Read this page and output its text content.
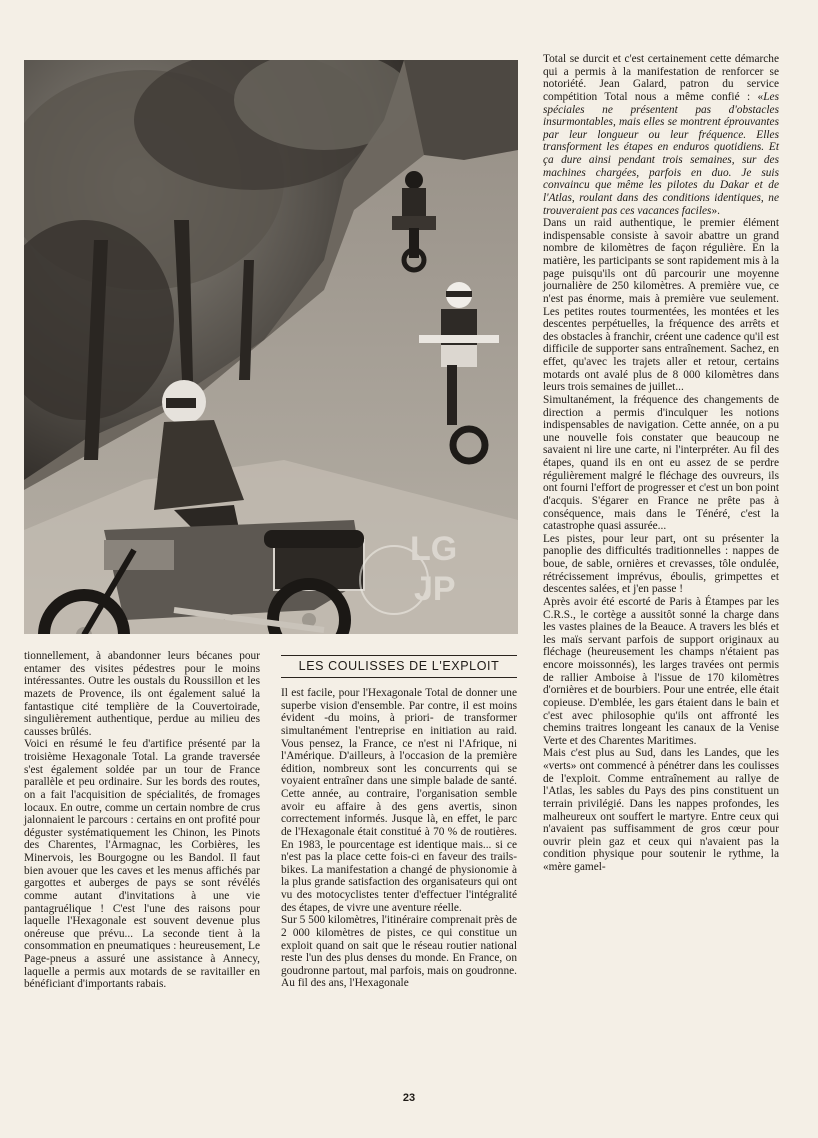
LG
JP

tionnellement, à abandonner leurs bécanes pour entamer des visites pédestres pour le moins intéressantes. Outre les oustals du Roussillon et les mazets de Provence, ils ont également salué la fantastique cité templière de la Couvertoirade, singulièrement authentique, perdue au milieu des causses brûlés.

Voici en résumé le feu d'artifice présenté par la troisième Hexagonale Total. La grande traversée s'est également soldée par un tour de France parallèle et peu ordinaire. Sur les bords des routes, on a fait l'acquisition de spécialités, de fromages locaux. En outre, comme un certain nombre de crus jalonnaient le parcours : certains en ont profité pour déguster systématiquement les Chinon, les Pinots des Charentes, l'Armagnac, les Corbières, les Minervois, les Bourgogne ou les Bandol. Il faut bien avouer que les caves et les menus affichés par gargottes et auberges de pays se sont révélés comme autant d'invitations à une vie pantagruélique ! C'est l'une des raisons pour laquelle l'Hexagonale est souvent devenue plus onéreuse que prévu... La seconde tient à la consommation en pneumatiques : heureusement, Le Page-pneus a assuré une assistance à Annecy, laquelle a permis aux motards de se ravitailler en bénéficiant d'importants rabais.

LES COULISSES DE L'EXPLOIT

Il est facile, pour l'Hexagonale Total de donner une superbe vision d'ensemble. Par contre, il est moins évident -du moins, à priori- de transformer simultanément l'entreprise en initiation au raid. Vous pensez, la France, ce n'est ni l'Afrique, ni l'Amérique. D'ailleurs, à l'occasion de la première édition, nombreux sont les concurrents qui se voyaient entraîner dans une simple balade de santé. Cette année, au contraire, l'organisation semble avoir eu affaire à des gens avertis, sinon correctement informés. Jusque là, en effet, le parc de l'Hexagonale était constitué à 70 % de routières. En 1983, le pourcentage est identique mais... si ce n'est pas la place cette fois-ci en faveur des trails-bikes. La manifestation a changé de physionomie à la plus grande satisfaction des organisateurs qui ont vu des motocyclistes tenter d'effectuer l'intégralité des étapes, de vivre une aventure réelle.

Sur 5 500 kilomètres, l'itinéraire comprenait près de 2 000 kilomètres de pistes, ce qui constitue un exploit quand on sait que le réseau routier national reste l'un des plus denses du monde. En France, on goudronne partout, mal parfois, mais on goudronne. Au fil des ans, l'Hexagonale

Total se durcit et c'est certainement cette démarche qui a permis à la manifestation de renforcer se notoriété. Jean Galard, patron du service compétition Total nous a même confié : «Les spéciales ne présentent pas d'obstacles insurmontables, mais elles se montrent éprouvantes par leur longueur ou leur fréquence. Elles transforment les étapes en enduros quotidiens. Et ça dure ainsi pendant trois semaines, sur des machines chargées, parfois en duo. Je suis convaincu que même les pilotes du Dakar et de l'Atlas, roulant dans des conditions identiques, ne trouveraient pas ces vacances faciles».

Dans un raid authentique, le premier élément indispensable consiste à savoir abattre un grand nombre de kilomètres de façon régulière. En la matière, les participants se sont rapidement mis à la page puisqu'ils ont dû parcourir une moyenne journalière de 250 kilomètres. A première vue, ce n'est pas énorme, mais à première vue seulement. Les petites routes tourmentées, les montées et les descentes perpétuelles, la fréquence des arrêts et des obstacles à franchir, créent une cadence qu'il est difficile de supporter sans entraînement. Sachez, en effet, qu'avec les trajets aller et retour, certains motards ont avalé plus de 8 000 kilomètres dans leurs trois semaines de juillet...

Simultanément, la fréquence des changements de direction a permis d'inculquer les notions indispensables de navigation. Cette année, on a pu une nouvelle fois constater que beaucoup ne savaient ni lire une carte, ni l'interpréter. Au fil des étapes, quand ils en ont eu assez de se perdre régulièrement malgré le fléchage des ouvreurs, ils ont fourni l'effort de progresser et c'est un bon point d'acquis. S'égarer en France ne prête pas à conséquence, mais dans le Ténéré, c'est la catastrophe quasi assurée...

Les pistes, pour leur part, ont su présenter la panoplie des difficultés traditionnelles : nappes de boue, de sable, ornières et crevasses, tôle ondulée, rétrécissement imprévus, éboulis, grimpettes et descentes salées, et j'en passe !

Après avoir été escorté de Paris à Étampes par les C.R.S., le cortège a aussitôt sonné la charge dans les vastes plaines de la Beauce. A travers les blés et les maïs servant parfois de support originaux au fléchage (heureusement les champs n'étaient pas encore moissonnés), les larges travées ont permis de rallier Amboise à l'issue de 170 kilomètres d'ornières et de bourbiers. Pour une entrée, elle était copieuse. D'emblée, les gars étaient dans le bain et c'est avec philosophie qu'ils ont affronté les chemins traitres longeant les canaux de la Venise Verte et des Charentes Maritimes.

Mais c'est plus au Sud, dans les Landes, que les «verts» ont commencé à pénétrer dans les coulisses de l'exploit. Comme entraînement au rallye de l'Atlas, les sables du Pays des pins constituent un terrain privilégié. Dans les nappes profondes, les malheureux ont souffert le martyre. Entre ceux qui n'avaient pas suffisamment de gros cœur pour ouvrir plein gaz et ceux qui n'avaient pas la condition physique pour soutenir le rythme, la «mère gamel-

23
